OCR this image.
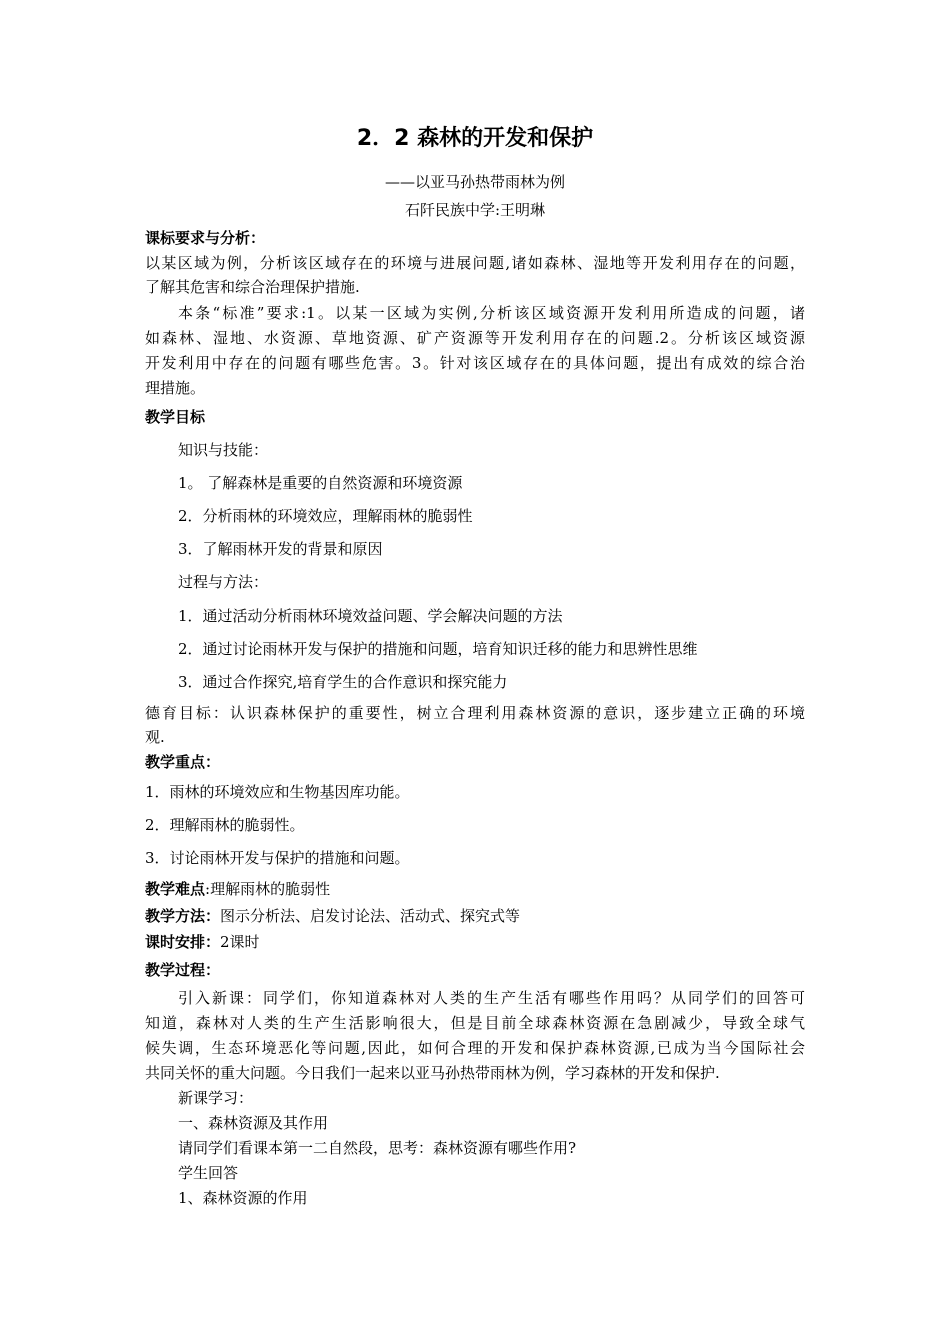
2．2 森林的开发和保护
——以亚马孙热带雨林为例
石阡民族中学:王明琳
课标要求与分析：
以某区域为例，分析该区域存在的环境与进展问题,诸如森林、湿地等开发利用存在的问题，
了解其危害和综合治理保护措施.
本条“标准”要求:1。以某一区域为实例,分析该区域资源开发利用所造成的问题，诸
如森林、湿地、水资源、草地资源、矿产资源等开发利用存在的问题.2。分析该区域资源
开发利用中存在的问题有哪些危害。3。针对该区域存在的具体问题，提出有成效的综合治
理措施。
教学目标
知识与技能：
1。 了解森林是重要的自然资源和环境资源
2．分析雨林的环境效应，理解雨林的脆弱性
3．了解雨林开发的背景和原因
过程与方法：
1．通过活动分析雨林环境效益问题、学会解决问题的方法
2．通过讨论雨林开发与保护的措施和问题，培育知识迁移的能力和思辨性思维
3．通过合作探究,培育学生的合作意识和探究能力
德育目标：认识森林保护的重要性，树立合理利用森林资源的意识，逐步建立正确的环境
观.
教学重点：
1．雨林的环境效应和生物基因库功能。
2．理解雨林的脆弱性。
3．讨论雨林开发与保护的措施和问题。
教学难点:理解雨林的脆弱性
教学方法：图示分析法、启发讨论法、活动式、探究式等
课时安排：2课时
教学过程：
引入新课：同学们，你知道森林对人类的生产生活有哪些作用吗？从同学们的回答可
知道，森林对人类的生产生活影响很大，但是目前全球森林资源在急剧减少，导致全球气
候失调，生态环境恶化等问题,因此，如何合理的开发和保护森林资源,已成为当今国际社会
共同关怀的重大问题。今日我们一起来以亚马孙热带雨林为例，学习森林的开发和保护.
新课学习：
一、森林资源及其作用
请同学们看课本第一二自然段，思考：森林资源有哪些作用?
学生回答
1、森林资源的作用
